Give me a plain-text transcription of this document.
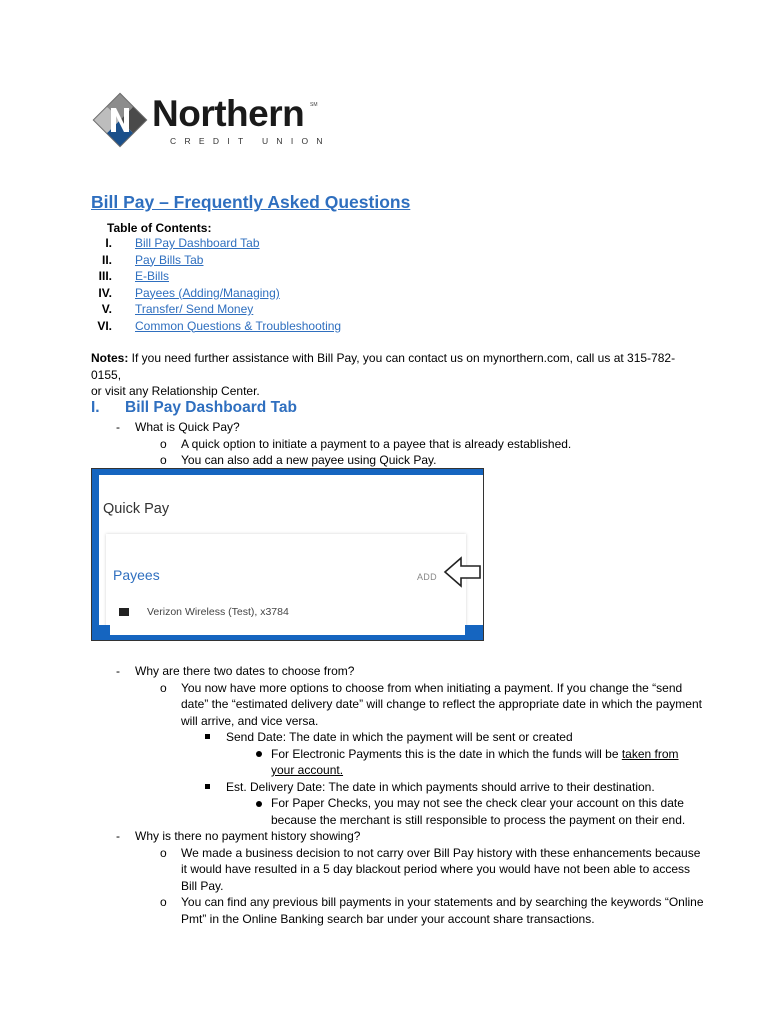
Northern SM
CREDIT UNION
Bill Pay – Frequently Asked Questions
Table of Contents:
I. Bill Pay Dashboard Tab
II. Pay Bills Tab
III. E-Bills
IV. Payees (Adding/Managing)
V. Transfer/ Send Money
VI. Common Questions & Troubleshooting
Notes: If you need further assistance with Bill Pay, you can contact us on mynorthern.com, call us at 315-782-0155,
or visit any Relationship Center.
I. Bill Pay Dashboard Tab
- What is Quick Pay?
o A quick option to initiate a payment to a payee that is already established.
o You can also add a new payee using Quick Pay.
Quick Pay
Payees	ADD
Verizon Wireless (Test), x3784
- Why are there two dates to choose from?
o You now have more options to choose from when initiating a payment. If you change the “send
date” the “estimated delivery date” will change to reflect the appropriate date in which the payment
will arrive, and vice versa.
Send Date: The date in which the payment will be sent or created
For Electronic Payments this is the date in which the funds will be taken from
your account.
Est. Delivery Date: The date in which payments should arrive to their destination.
For Paper Checks, you may not see the check clear your account on this date
because the merchant is still responsible to process the payment on their end.
- Why is there no payment history showing?
o We made a business decision to not carry over Bill Pay history with these enhancements because
it would have resulted in a 5 day blackout period where you would have not been able to access
Bill Pay.
o You can find any previous bill payments in your statements and by searching the keywords “Online
Pmt” in the Online Banking search bar under your account share transactions.
